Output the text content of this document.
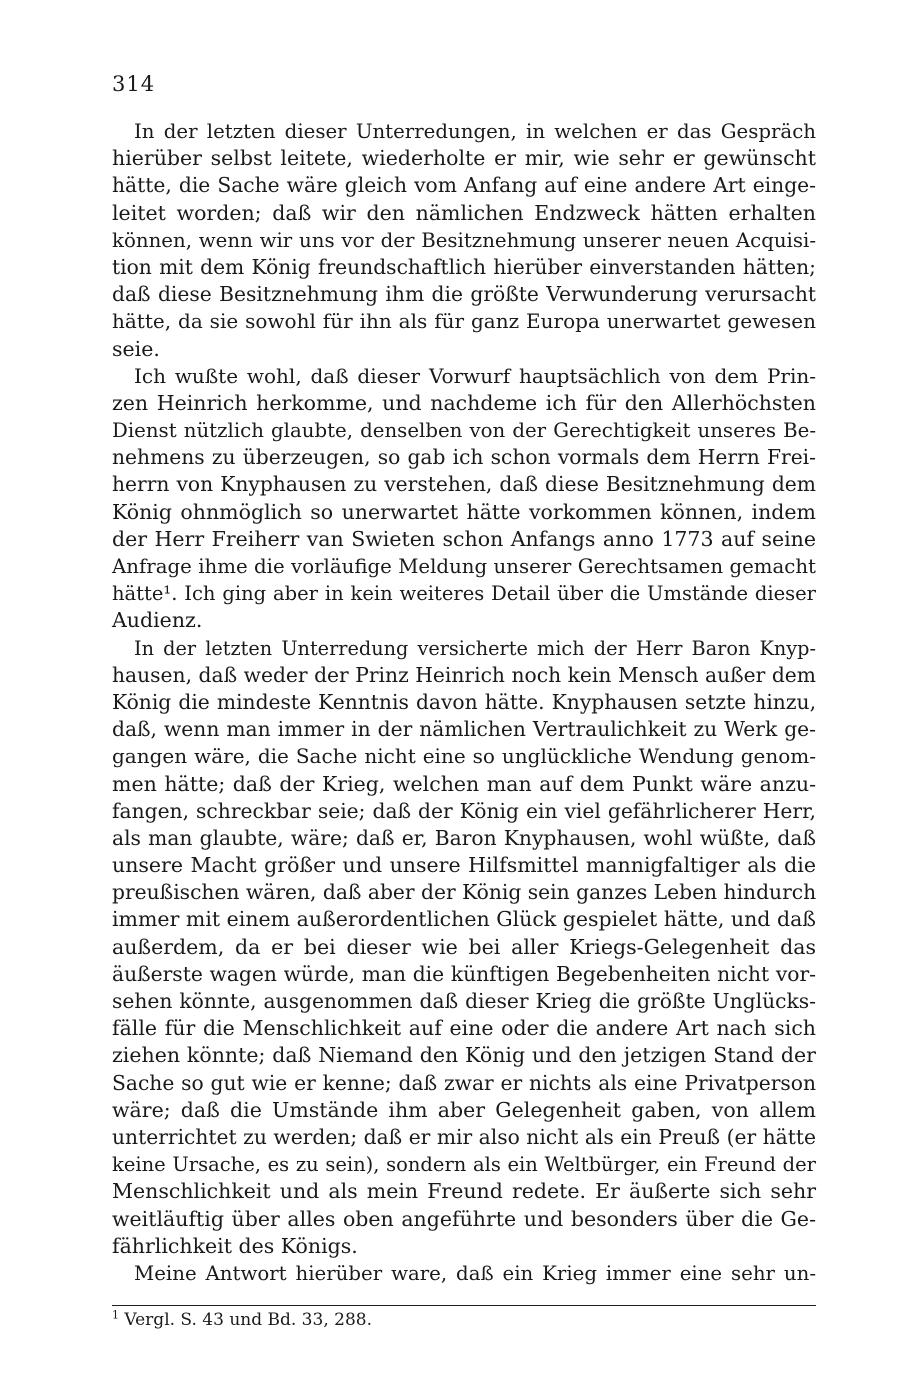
314
In der letzten dieser Unterredungen, in welchen er das Gespräch
hierüber selbst leitete, wiederholte er mir, wie sehr er gewünscht
hätte, die Sache wäre gleich vom Anfang auf eine andere Art einge-
leitet worden; daß wir den nämlichen Endzweck hätten erhalten
können, wenn wir uns vor der Besitznehmung unserer neuen Acquisi-
tion mit dem König freundschaftlich hierüber einverstanden hätten;
daß diese Besitznehmung ihm die größte Verwunderung verursacht
hätte, da sie sowohl für ihn als für ganz Europa unerwartet gewesen
seie.
Ich wußte wohl, daß dieser Vorwurf hauptsächlich von dem Prin-
zen Heinrich herkomme, und nachdeme ich für den Allerhöchsten
Dienst nützlich glaubte, denselben von der Gerechtigkeit unseres Be-
nehmens zu überzeugen, so gab ich schon vormals dem Herrn Frei-
herrn von Knyphausen zu verstehen, daß diese Besitznehmung dem
König ohnmöglich so unerwartet hätte vorkommen können, indem
der Herr Freiherr van Swieten schon Anfangs anno 1773 auf seine
Anfrage ihme die vorläufige Meldung unserer Gerechtsamen gemacht
hätte¹. Ich ging aber in kein weiteres Detail über die Umstände dieser
Audienz.
In der letzten Unterredung versicherte mich der Herr Baron Knyp-
hausen, daß weder der Prinz Heinrich noch kein Mensch außer dem
König die mindeste Kenntnis davon hätte. Knyphausen setzte hinzu,
daß, wenn man immer in der nämlichen Vertraulichkeit zu Werk ge-
gangen wäre, die Sache nicht eine so unglückliche Wendung genom-
men hätte; daß der Krieg, welchen man auf dem Punkt wäre anzu-
fangen, schreckbar seie; daß der König ein viel gefährlicherer Herr,
als man glaubte, wäre; daß er, Baron Knyphausen, wohl wüßte, daß
unsere Macht größer und unsere Hilfsmittel mannigfaltiger als die
preußischen wären, daß aber der König sein ganzes Leben hindurch
immer mit einem außerordentlichen Glück gespielet hätte, und daß
außerdem, da er bei dieser wie bei aller Kriegs-Gelegenheit das
äußerste wagen würde, man die künftigen Begebenheiten nicht vor-
sehen könnte, ausgenommen daß dieser Krieg die größte Unglücks-
fälle für die Menschlichkeit auf eine oder die andere Art nach sich
ziehen könnte; daß Niemand den König und den jetzigen Stand der
Sache so gut wie er kenne; daß zwar er nichts als eine Privatperson
wäre; daß die Umstände ihm aber Gelegenheit gaben, von allem
unterrichtet zu werden; daß er mir also nicht als ein Preuß (er hätte
keine Ursache, es zu sein), sondern als ein Weltbürger, ein Freund der
Menschlichkeit und als mein Freund redete. Er äußerte sich sehr
weitläuftig über alles oben angeführte und besonders über die Ge-
fährlichkeit des Königs.
Meine Antwort hierüber ware, daß ein Krieg immer eine sehr un-
$^1$ Vergl. S. 43 und Bd. 33, 288.
